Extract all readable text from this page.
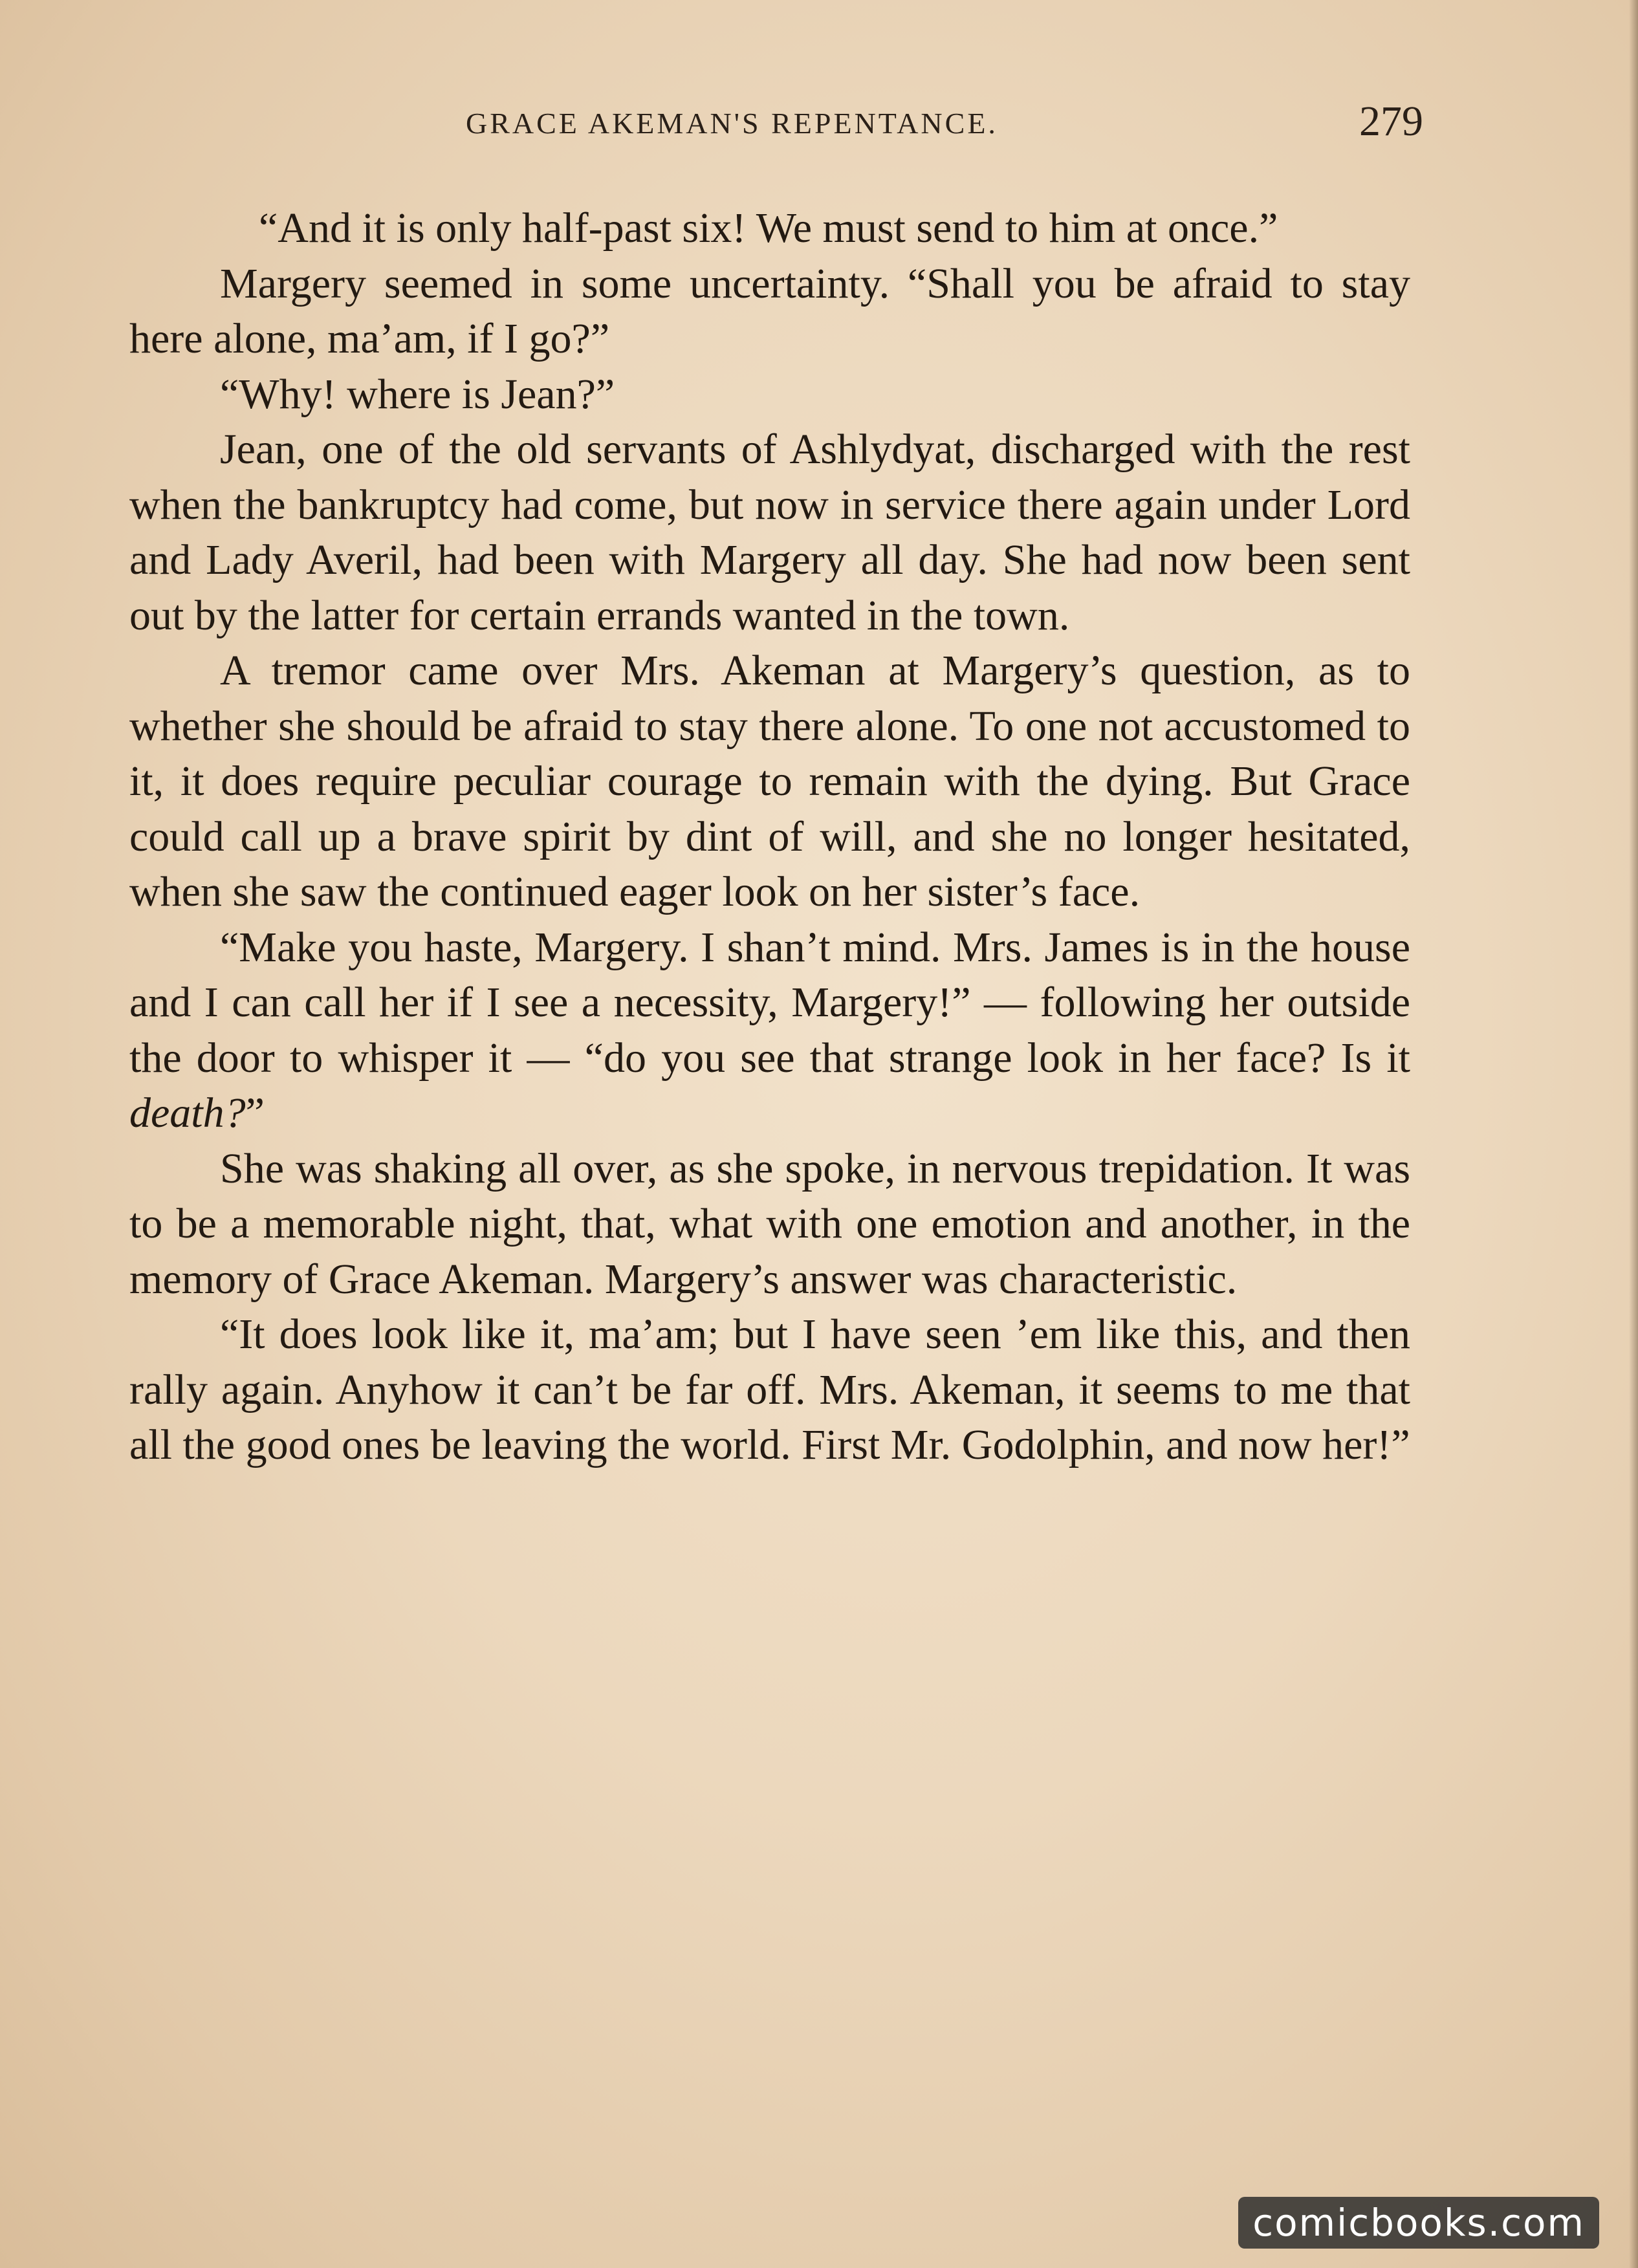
GRACE AKEMAN'S REPENTANCE.	279

“And it is only half-past six! We must send to him at once.”

Margery seemed in some uncertainty. “Shall you be afraid to stay here alone, ma’am, if I go?”

“Why! where is Jean?”

Jean, one of the old servants of Ashlydyat, discharged with the rest when the bankruptcy had come, but now in service there again under Lord and Lady Averil, had been with Margery all day. She had now been sent out by the latter for certain errands wanted in the town.

A tremor came over Mrs. Akeman at Margery’s question, as to whether she should be afraid to stay there alone. To one not accustomed to it, it does require peculiar courage to remain with the dying. But Grace could call up a brave spirit by dint of will, and she no longer hesitated, when she saw the continued eager look on her sister’s face.

“Make you haste, Margery. I shan’t mind. Mrs. James is in the house and I can call her if I see a necessity, Margery!” — following her outside the door to whisper it — “do you see that strange look in her face? Is it death?”

She was shaking all over, as she spoke, in nervous trepidation. It was to be a memorable night, that, what with one emotion and another, in the memory of Grace Akeman. Margery’s answer was characteristic.

“It does look like it, ma’am; but I have seen ’em like this, and then rally again. Anyhow it can’t be far off. Mrs. Akeman, it seems to me that all the good ones be leaving the world. First Mr. Godolphin, and now her!”

comicbooks.com
